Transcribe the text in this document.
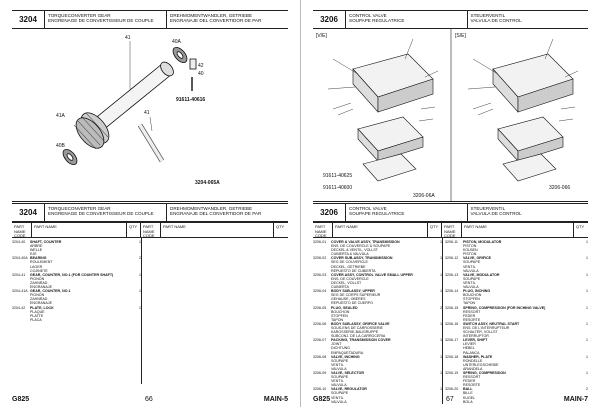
3204	TORQUECONVERTER GEAR
ENGRENAGE DE CONVERTISSEUR DE COUPLE
DREHMOMENTWANDLER, GETRIEBE
ENGRANAJE DEL CONVERTIDOR DE PAR
41
40A
42
40
40B
41A	41
91611-40616
3204-065A
3204	TORQUECONVERTER GEAR
ENGRENAGE DE CONVERTISSEUR DE COUPLE
DREHMOMENTWANDLER, GETRIEBE
ENGRANAJE DEL CONVERTIDOR DE PAR
PART NAME CODE
PART NAME	QTY	PART NAME CODE
PART NAME	QTY
3204-40	SHAFT, COUNTER	1
ARBRE
WELLE
EJE
3204-40A BEARING	2
ROULEMENT
LAGER
COJINETE
3204-41	GEAR, COUNTER, NO.1 (FOR COUNTER SHAFT)	1
PIGNON
ZAHNRAD
ENGRANAJE
3204-41A GEAR, COUNTER, NO.1	1
PIGNON
ZAHNRAD
ENGRANAJE
3204-42	PLATE, LOCK	1
PLAQUE
PLATTE
PLACA
G825	66	MAIN-5
3206	CONTROL VALVE
SOUPAPE REGULATRICE
STEUERVENTIL
VALVULA DE CONTROL
[V/E]	[S/E]
91611-40625
91611-40600
3206-06A
3206-066
3206	CONTROL VALVE
SOUPAPE REGULATRICE
STEUERVENTIL
VALVULA DE CONTROL
PART NAME CODE
PART NAME	QTY	PART NAME CODE
PART NAME	QTY
3206-01	COVER & VALVE ASSY, TRANSMISSION	1
ENS. DE COUVERCLE & SOUPAPE
DECKEL & VENTIL, VOLLST
CUBIERTA & VALVULA
3206-02	COVER SUB-ASSY, TRANSMISSION	1
SEG DE COUVERCLE
DECKEL, GETRIEBE
REPUESTO DE CUBIERTA
3206-03	COVER ASSY, CONTROL VALVE SMALL UPPER	1
ENS. DE COUVERCLE
DECKEL, VOLLST
CUBIERTA
3206-04	BODY SUB-ASSY, UPPER	1
SEG DE CORPS SUPERIEUR
GEHAUSE, OBERES
REPUESTO DE CUERPO
3206-05	PLUG, SEALED	2
BOUCHON
STOPFEN
TAPON
3206-06	BODY SUB-ASSY, ORIFICE VALVE	1
SOUS-ENS DE CARROSSERIE
KAROSSERIE-BAUGRUPPE
SUBCONJ. DE LA CARROCERIA
3206-07	PACKING, TRANSMISSION COVER	1
JOINT
DICHTUNG
EMPAQUETADURA
3206-08	VALVE, INCHING	1
SOUPAPE
VENTIL
VALVULA
3206-09	VALVE, SELECTOR	1
SOUPAPE
VENTIL
VALVULA
3206-10	VALVE, REGULATOR	1
SOUPAPE
VENTIL
VALVULA
3206-11	PISTON, MODULATOR	1
PISTON
KOLBEN
PISTON
3206-12	VALVE, ORIFICE	1
SOUPAPE
VENTIL
VALVULA
3206-13	VALVE, MODULATOR	1
SOUPAPE
VENTIL
VALVULA
3206-14	PLUG, INCHING	1
BOUCHON
STOPFEN
TAPON
3206-15	SPRING, COMPRESSION (FOR INCHING VALVE)	1
RESSORT
FEDER
RESORTE
3206-16	SWITCH ASSY, NEUTRAL START	1
ENS. DE L'INTERRUPTEUR
SCHALTER, VOLLST
INTERRUPTOR
3206-17	LEVER, SHIFT	1
LEVIER
HEBEL
PALANCA
3206-18	WASHER, PLATE	1
RONDELLE
UNTERLEGSCHEIBE
ARANDELA
3206-19	SPRING, COMPRESSION	1
RESSORT
FEDER
RESORTE
3206-20	BALL	2
BILLE
KUGEL
BOLA
G825	67	MAIN-7
